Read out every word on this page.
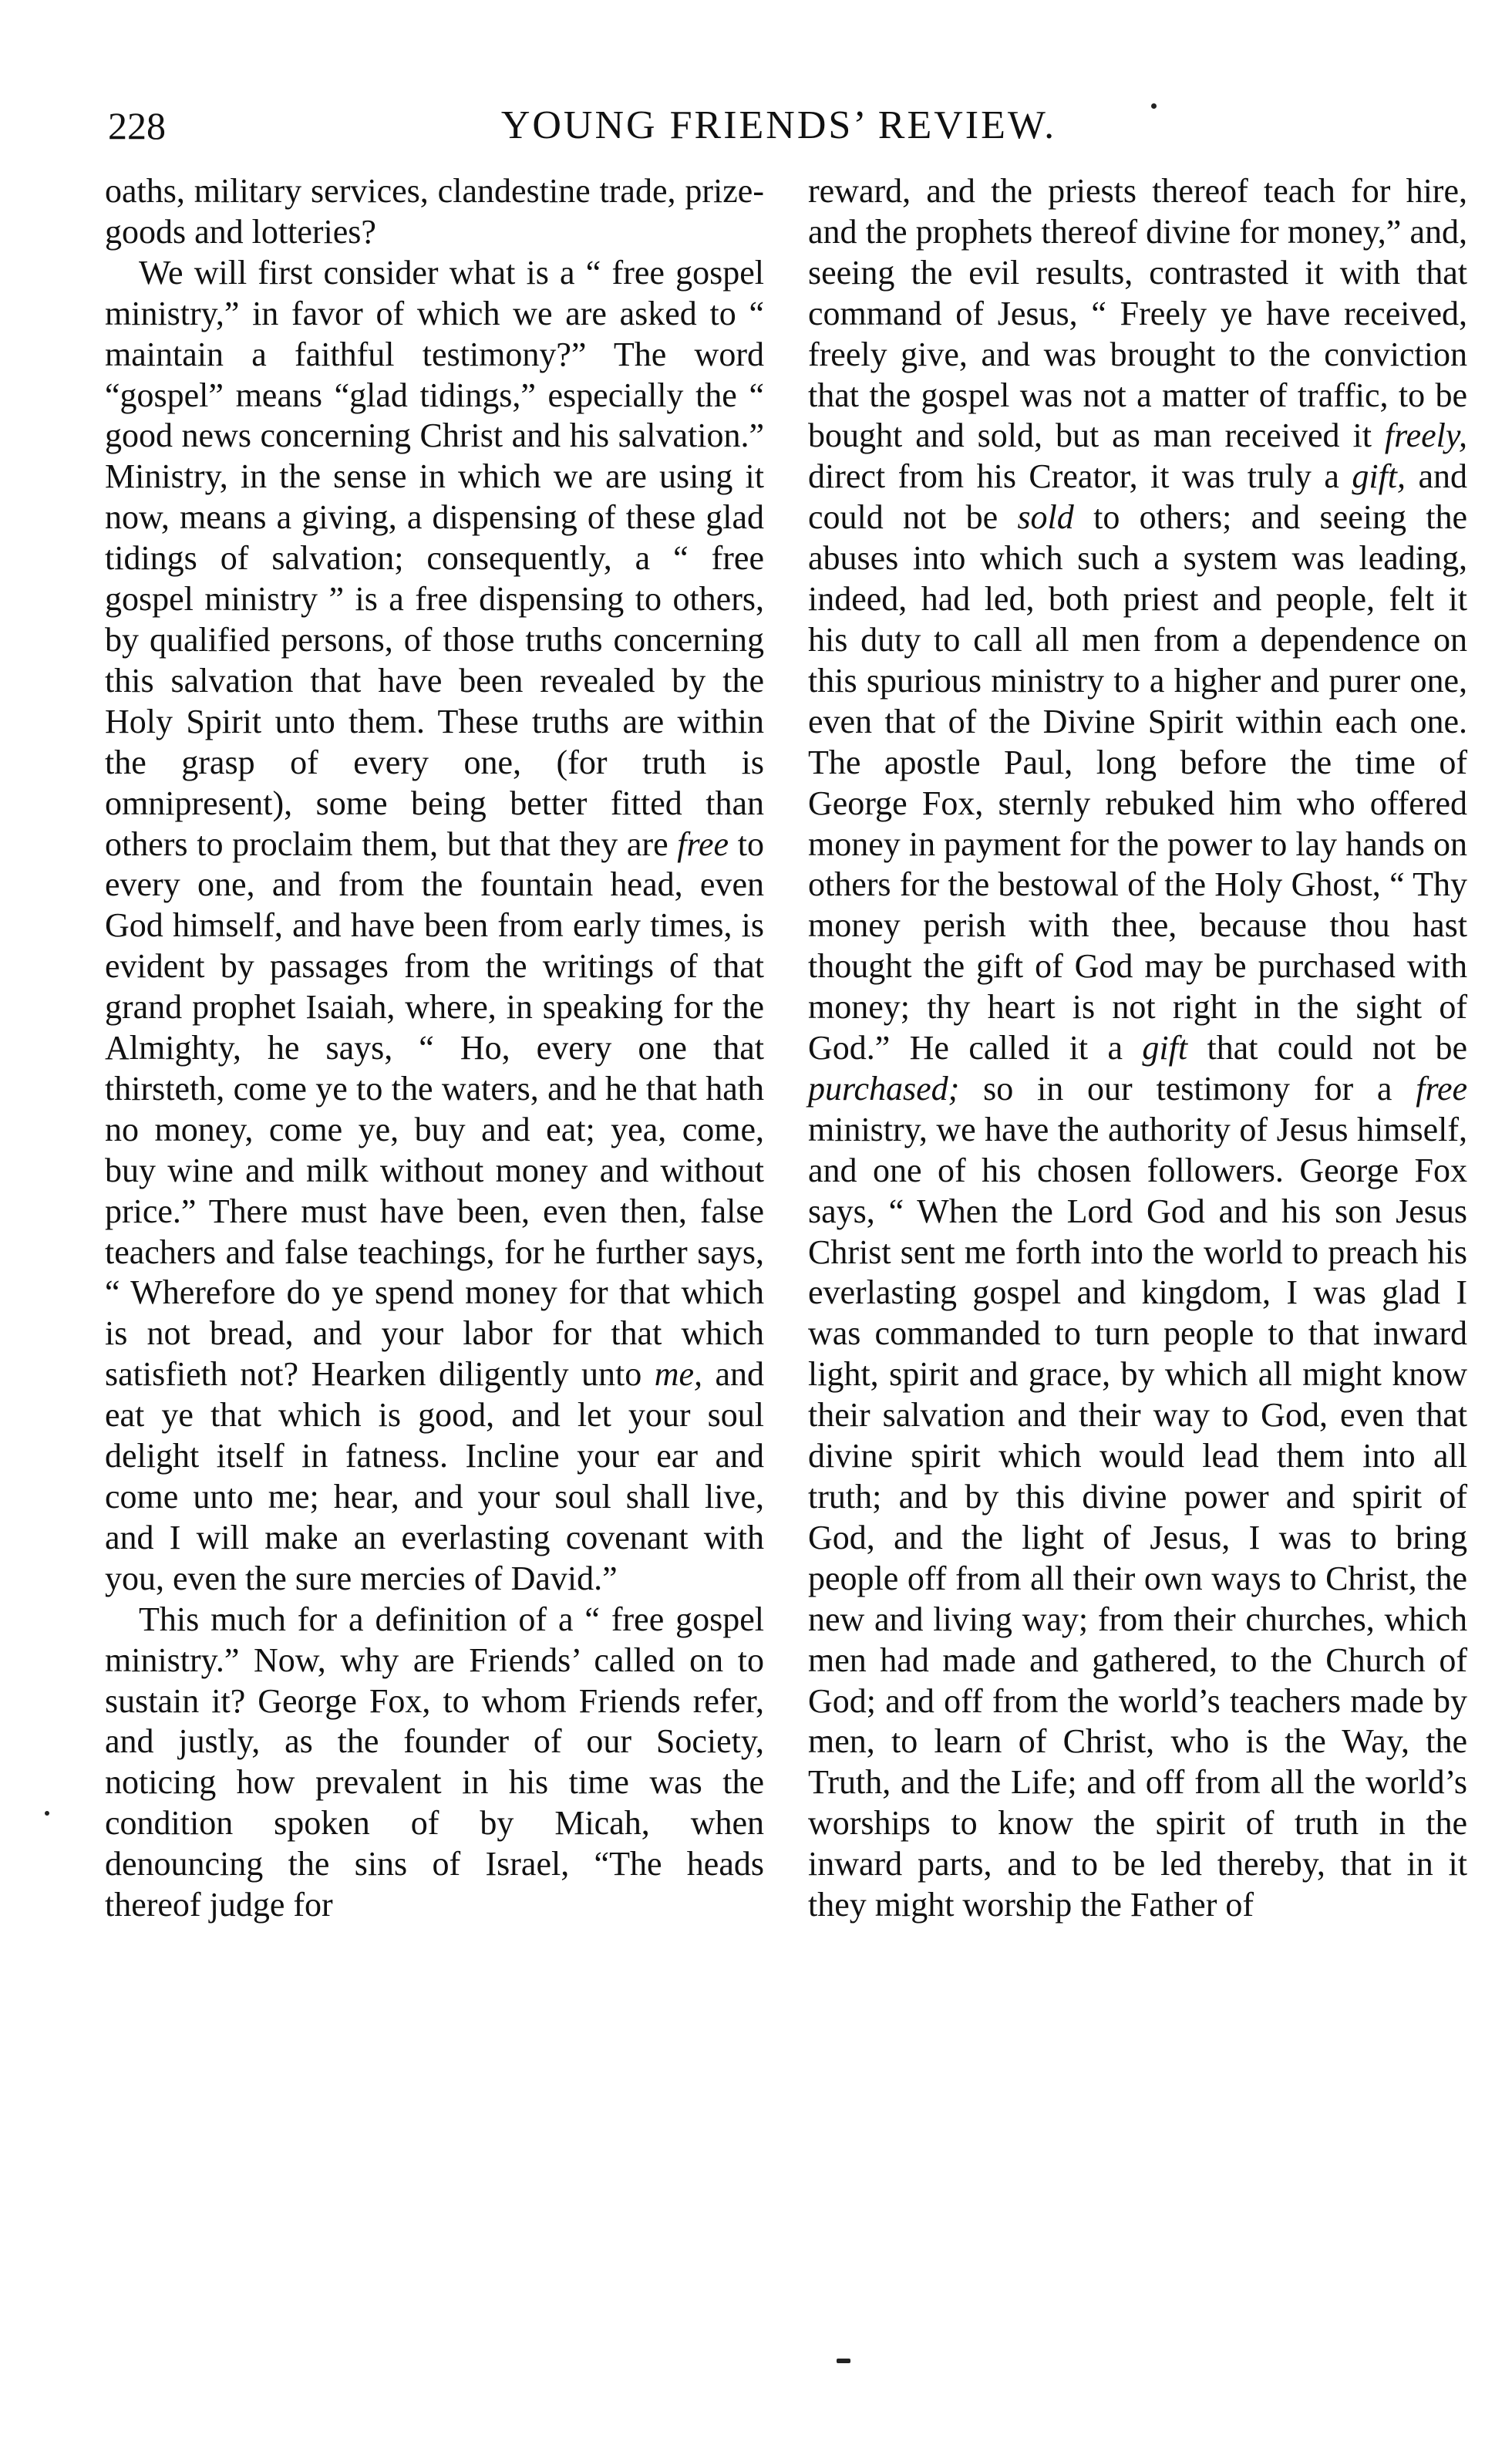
228	YOUNG FRIENDS’ REVIEW.

oaths, military services, clandestine trade, prize-goods and lotteries?

We will first consider what is a “ free gospel ministry,” in favor of which we are asked to “ maintain a faithful testimony?” The word “gospel” means “glad tidings,” especially the “ good news concerning Christ and his salvation.” Ministry, in the sense in which we are using it now, means a giving, a dispensing of these glad tidings of salvation; consequently, a “ free gospel ministry ” is a free dispensing to others, by qualified persons, of those truths concerning this salvation that have been revealed by the Holy Spirit unto them. These truths are within the grasp of every one, (for truth is omnipresent), some being better fitted than others to proclaim them, but that they are free to every one, and from the fountain head, even God himself, and have been from early times, is evident by passages from the writings of that grand prophet Isaiah, where, in speaking for the Almighty, he says, “ Ho, every one that thirsteth, come ye to the waters, and he that hath no money, come ye, buy and eat; yea, come, buy wine and milk without money and without price.” There must have been, even then, false teachers and false teachings, for he further says, “ Wherefore do ye spend money for that which is not bread, and your labor for that which satisfieth not? Hearken diligently unto me, and eat ye that which is good, and let your soul delight itself in fatness. Incline your ear and come unto me; hear, and your soul shall live, and I will make an everlasting covenant with you, even the sure mercies of David.”

This much for a definition of a “ free gospel ministry.” Now, why are Friends’ called on to sustain it? George Fox, to whom Friends refer, and justly, as the founder of our Society, noticing how prevalent in his time was the condition spoken of by Micah, when denouncing the sins of Israel, “The heads thereof judge for

reward, and the priests thereof teach for hire, and the prophets thereof divine for money,” and, seeing the evil results, contrasted it with that command of Jesus, “ Freely ye have received, freely give, and was brought to the conviction that the gospel was not a matter of traffic, to be bought and sold, but as man received it freely, direct from his Creator, it was truly a gift, and could not be sold to others; and seeing the abuses into which such a system was leading, indeed, had led, both priest and people, felt it his duty to call all men from a dependence on this spurious ministry to a higher and purer one, even that of the Divine Spirit within each one. The apostle Paul, long before the time of George Fox, sternly rebuked him who offered money in payment for the power to lay hands on others for the bestowal of the Holy Ghost, “ Thy money perish with thee, because thou hast thought the gift of God may be purchased with money; thy heart is not right in the sight of God.” He called it a gift that could not be purchased; so in our testimony for a free ministry, we have the authority of Jesus himself, and one of his chosen followers. George Fox says, “ When the Lord God and his son Jesus Christ sent me forth into the world to preach his everlasting gospel and kingdom, I was glad I was commanded to turn people to that inward light, spirit and grace, by which all might know their salvation and their way to God, even that divine spirit which would lead them into all truth; and by this divine power and spirit of God, and the light of Jesus, I was to bring people off from all their own ways to Christ, the new and living way; from their churches, which men had made and gathered, to the Church of God; and off from the world’s teachers made by men, to learn of Christ, who is the Way, the Truth, and the Life; and off from all the world’s worships to know the spirit of truth in the inward parts, and to be led thereby, that in it they might worship the Father of
